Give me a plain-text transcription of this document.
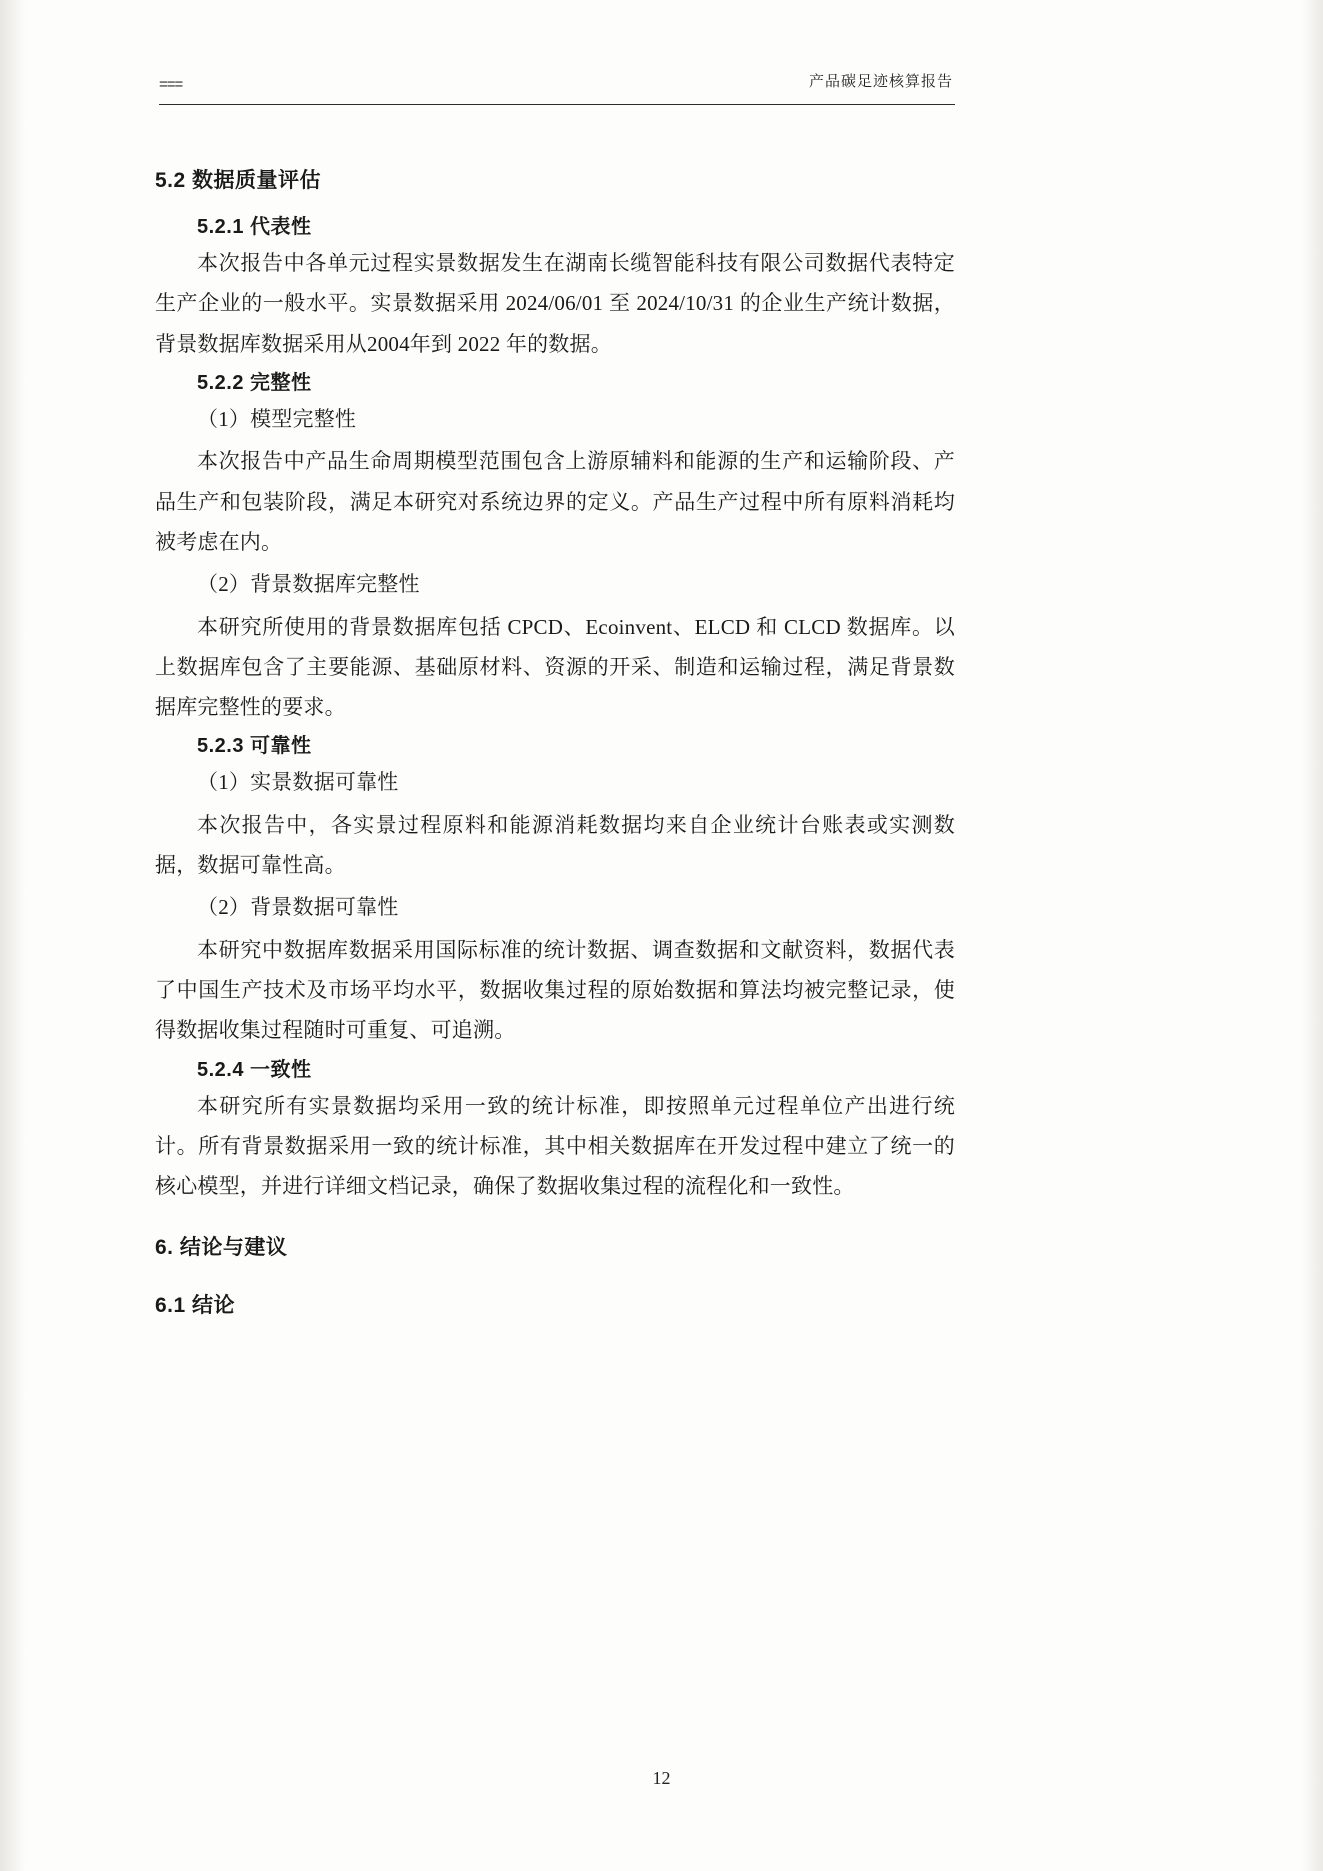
===	产品碳足迹核算报告
5.2 数据质量评估
5.2.1 代表性

本次报告中各单元过程实景数据发生在湖南长缆智能科技有限公司数据代表特定生产企业的一般水平。实景数据采用 2024/06/01 至 2024/10/31 的企业生产统计数据，背景数据库数据采用从2004年到 2022 年的数据。

5.2.2 完整性

（1）模型完整性

本次报告中产品生命周期模型范围包含上游原辅料和能源的生产和运输阶段、产品生产和包装阶段，满足本研究对系统边界的定义。产品生产过程中所有原料消耗均被考虑在内。

（2）背景数据库完整性

本研究所使用的背景数据库包括 CPCD、Ecoinvent、ELCD 和 CLCD 数据库。以上数据库包含了主要能源、基础原材料、资源的开采、制造和运输过程，满足背景数据库完整性的要求。

5.2.3 可靠性

（1）实景数据可靠性

本次报告中，各实景过程原料和能源消耗数据均来自企业统计台账表或实测数据，数据可靠性高。

（2）背景数据可靠性

本研究中数据库数据采用国际标准的统计数据、调查数据和文献资料，数据代表了中国生产技术及市场平均水平，数据收集过程的原始数据和算法均被完整记录，使得数据收集过程随时可重复、可追溯。

5.2.4 一致性

本研究所有实景数据均采用一致的统计标准，即按照单元过程单位产出进行统计。所有背景数据采用一致的统计标准，其中相关数据库在开发过程中建立了统一的核心模型，并进行详细文档记录，确保了数据收集过程的流程化和一致性。

6. 结论与建议
6.1 结论
12
